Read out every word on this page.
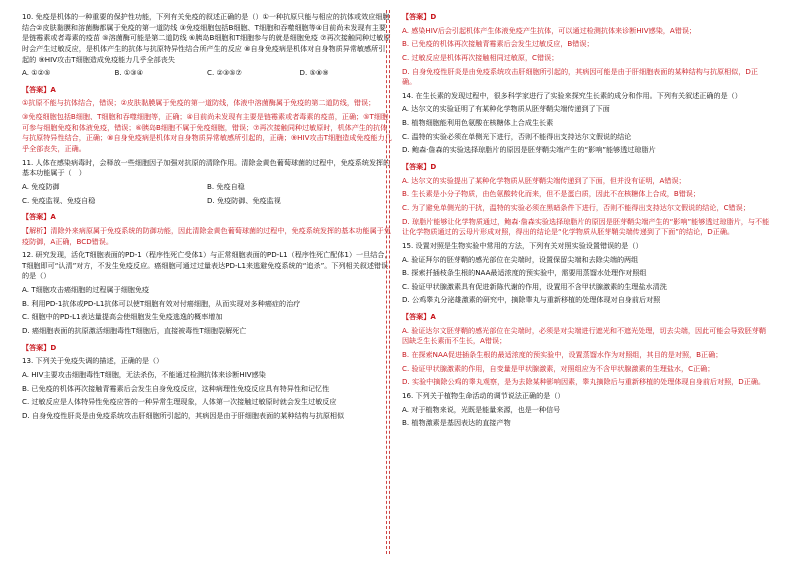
10. 免疫是机体的一种重要的保护性功能，下列有关免疫的叙述正确的是（）①一种抗原只能与相应的抗体或效应细胞结合②皮肤黏膜和溶菌酶都属于免疫的第一道防线 ③免疫细胞包括B细胞、T细胞和吞噬细胞等④目前尚未发现有主要是链霉素或者毒素的疫苗 ⑤溶菌酶可能是第二道防线 ⑥胰岛B细胞和T细胞参与的就是细胞免疫 ⑦再次接触同种过敏原时会产生过敏反应，是机体产生的抗体与抗原特异性结合所产生的反应 ⑧自身免疫病是机体对自身物质异常敏感所引起的 ⑨HIV攻击T细胞造成免疫能力几乎全部丧失
A. ①②⑤	B. ①③④	C. ②③⑤⑦	D. ⑤⑧⑨
【答案】A
①抗原不能与抗体结合，错误；②皮肤黏膜属于免疫的第一道防线，体液中溶菌酶属于免疫的第二道防线，错误；
③免疫细胞包括B细胞、T细胞和吞噬细胞等，正确；④目前尚未发现有主要是链霉素或者毒素的疫苗，正确；⑤T细胞可参与细胞免疫和体液免疫，错误；⑥胰岛B细胞不属于免疫细胞，错误；⑦再次接触同种过敏原时，机体产生的抗体与抗原特异性结合，正确；⑧自身免疫病是机体对自身物质异常敏感所引起的，正确；⑨HIV攻击T细胞造成免疫能力几乎全部丧失，正确。
11. 人体在感染病毒时，会释放一些细胞因子加强对抗原的清除作用。清除金黄色葡萄球菌的过程中，免疫系统发挥的基本功能属于（　）
A. 免疫防御	B. 免疫自稳
C. 免疫监视、免疫自稳	D. 免疫防御、免疫监视
【答案】A
【解析】清除外来病原属于免疫系统的防御功能，因此清除金黄色葡萄球菌的过程中，免疫系统发挥的基本功能属于免疫防御，A正确，BCD错误。
12. 研究发现，活化T细胞表面的PD-1（程序性死亡受体1）与正常细胞表面的PD-L1（程序性死亡配体1）一旦结合，T细胞即可“认清”对方，不发生免疫反应。癌细胞可通过过量表达PD-L1来逃避免疫系统的“追杀”。下列相关叙述错误的是（）
A. T细胞攻击癌细胞的过程属于细胞免疫
B. 利用PD-1抗体或PD-L1抗体可以使T细胞有效对付癌细胞，从而实现对多种癌症的治疗
C. 细胞中的PD-L1表达量提高会使细胞发生免疫逃逸的概率增加
D. 癌细胞表面的抗原激活细胞毒性T细胞后，直接被毒性T细胞裂解死亡
【答案】D
13. 下列关于免疫失调的描述，正确的是（）
A. HIV主要攻击细胞毒性T细胞，无法杀伤，不能通过检测抗体来诊断HIV感染
B. 已免疫的机体再次接触青霉素后会发生自身免疫反应，这种病理性免疫反应具有特异性和记忆性
C. 过敏反应是人体特异性免疫应答的一种异常生理现象，人体第一次接触过敏原时就会发生过敏反应
D. 自身免疫性肝炎是由免疫系统攻击肝细胞所引起的，其病因是由于肝细胞表面的某种结构与抗原相似
【答案】D
A. 感染HIV后会引起机体产生体液免疫产生抗体，可以通过检测抗体来诊断HIV感染，A错误；
B. 已免疫的机体再次接触青霉素后会发生过敏反应，B错误；
C. 过敏反应是机体再次接触相同过敏原，C错误；
D. 自身免疫性肝炎是由免疫系统攻击肝细胞所引起的，其病因可能是由于肝细胞表面的某种结构与抗原相似，D正确。
14. 在生长素的发现过程中，很多科学家进行了实验来探究生长素的成分和作用。下列有关叙述正确的是（）
A. 达尔文的实验证明了有某种化学物质从胚芽鞘尖端传递到了下面
B. 植物细胞能利用色氨酸在核糖体上合成生长素
C. 温特的实验必须在单侧光下进行，否则不能得出支持达尔文假说的结论
D. 鲍森·詹森的实验选择琼脂片的原因是胚芽鞘尖端产生的“影响”能够透过琼脂片
【答案】D
A. 达尔文的实验提出了某种化学物质从胚芽鞘尖端传递到了下面，但并没有证明，A错误；
B. 生长素是小分子物质，由色氨酸转化而来，但不是蛋白质，因此不在核糖体上合成，B错误；
C. 为了避免单侧光的干扰，温特的实验必须在黑暗条件下进行，否则不能得出支持达尔文假说的结论，C错误；
D. 琼脂片能够让化学物质通过，鲍森·詹森实验选择琼脂片的原因是胚芽鞘尖端产生的“影响”能够透过琼脂片，与不能让化学物质通过的云母片形成对照，得出的结论是“化学物质从胚芽鞘尖端传递到了下面”的结论，D正确。
15. 设置对照是生物实验中常用的方法，下列有关对照实验设置错误的是（）
A. 验证拜尔的胚芽鞘的感光部位在尖端时，设置保留尖端和去除尖端的两组
B. 探索扦插枝条生根的NAA最适浓度的预实验中，需要用蒸馏水处理作对照组
C. 验证甲状腺激素具有促进新陈代谢的作用，设置用不含甲状腺激素的生理盐水清洗
D. 公鸡睾丸分泌雄激素的研究中，摘除睾丸与重新移植的处理体现对自身前后对照
【答案】A
A. 验证达尔文胚芽鞘的感光部位在尖端时，必须是对尖端进行遮光和不遮光处理，切去尖端，因此可能会导致胚芽鞘因缺乏生长素而不生长，A错误；
B. 在探索NAA促进插条生根的最适浓度的预实验中，设置蒸馏水作为对照组，其目的是对照，B正确；
C. 验证甲状腺激素的作用，自变量是甲状腺激素，对照组应为不含甲状腺激素的生理盐水，C正确；
D. 实验中摘除公鸡的睾丸观察，是为去除某种影响因素，睾丸摘除后与重新移植的处理体现自身前后对照，D正确。
16. 下列关于植物生命活动的调节说法正确的是（）
A. 对于植物来说，光既是能量来源，也是一种信号
B. 植物激素是基因表达的直接产物
